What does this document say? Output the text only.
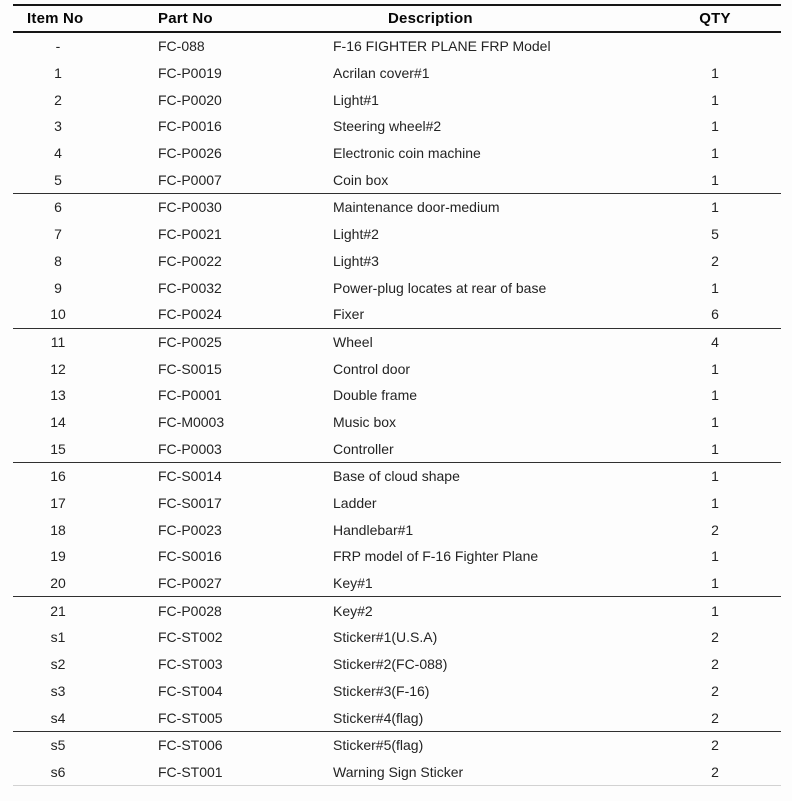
Item No	Part No	Description	QTY
-	FC-088	F-16 FIGHTER PLANE FRP Model
1	FC-P0019	Acrilan cover#1	1
2	FC-P0020	Light#1	1
3	FC-P0016	Steering wheel#2	1
4	FC-P0026	Electronic coin machine	1
5	FC-P0007	Coin box	1
6	FC-P0030	Maintenance door-medium	1
7	FC-P0021	Light#2	5
8	FC-P0022	Light#3	2
9	FC-P0032	Power-plug locates at rear of base	1
10	FC-P0024	Fixer	6
11	FC-P0025	Wheel	4
12	FC-S0015	Control door	1
13	FC-P0001	Double frame	1
14	FC-M0003	Music box	1
15	FC-P0003	Controller	1
16	FC-S0014	Base of cloud shape	1
17	FC-S0017	Ladder	1
18	FC-P0023	Handlebar#1	2
19	FC-S0016	FRP model of F-16 Fighter Plane	1
20	FC-P0027	Key#1	1
21	FC-P0028	Key#2	1
s1	FC-ST002	Sticker#1(U.S.A)	2
s2	FC-ST003	Sticker#2(FC-088)	2
s3	FC-ST004	Sticker#3(F-16)	2
s4	FC-ST005	Sticker#4(flag)	2
s5	FC-ST006	Sticker#5(flag)	2
s6	FC-ST001	Warning Sign Sticker	2
